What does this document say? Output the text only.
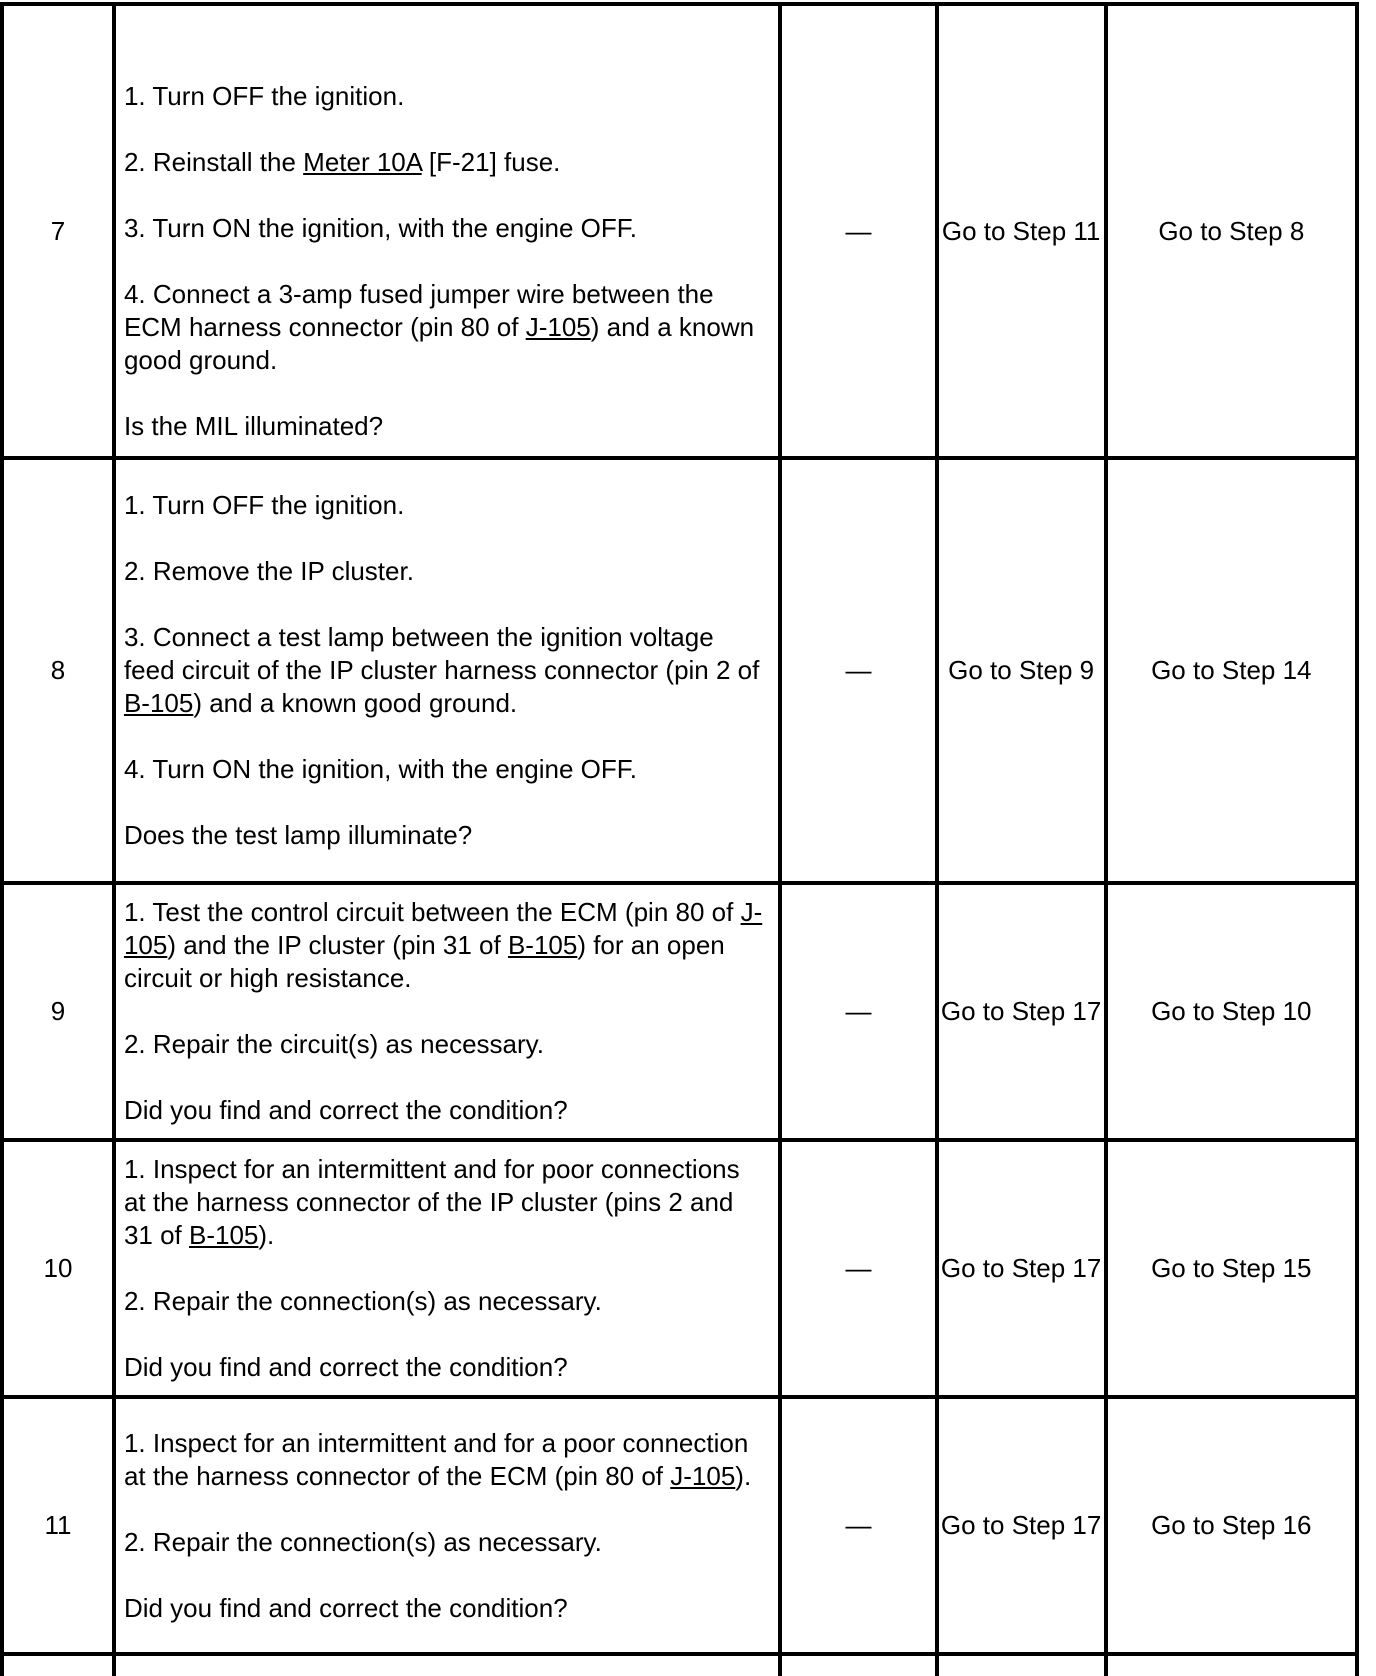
7	1. Turn OFF the ignition.

2. Reinstall the Meter 10A [F-21] fuse.

3. Turn ON the ignition, with the engine OFF.

4. Connect a 3-amp fused jumper wire between the ECM harness connector (pin 80 of J-105) and a known good ground.

Is the MIL illuminated?	—	Go to Step 11	Go to Step 8
8	1. Turn OFF the ignition.

2. Remove the IP cluster.

3. Connect a test lamp between the ignition voltage feed circuit of the IP cluster harness connector (pin 2 of B-105) and a known good ground.

4. Turn ON the ignition, with the engine OFF.

Does the test lamp illuminate?	—	Go to Step 9	Go to Step 14
9	1. Test the control circuit between the ECM (pin 80 of J-105) and the IP cluster (pin 31 of B-105) for an open circuit or high resistance.

2. Repair the circuit(s) as necessary.

Did you find and correct the condition?	—	Go to Step 17	Go to Step 10
10	1. Inspect for an intermittent and for poor connections at the harness connector of the IP cluster (pins 2 and 31 of B-105).

2. Repair the connection(s) as necessary.

Did you find and correct the condition?	—	Go to Step 17	Go to Step 15
11	1. Inspect for an intermittent and for a poor connection at the harness connector of the ECM (pin 80 of J-105).

2. Repair the connection(s) as necessary.

Did you find and correct the condition?	—	Go to Step 17	Go to Step 16
